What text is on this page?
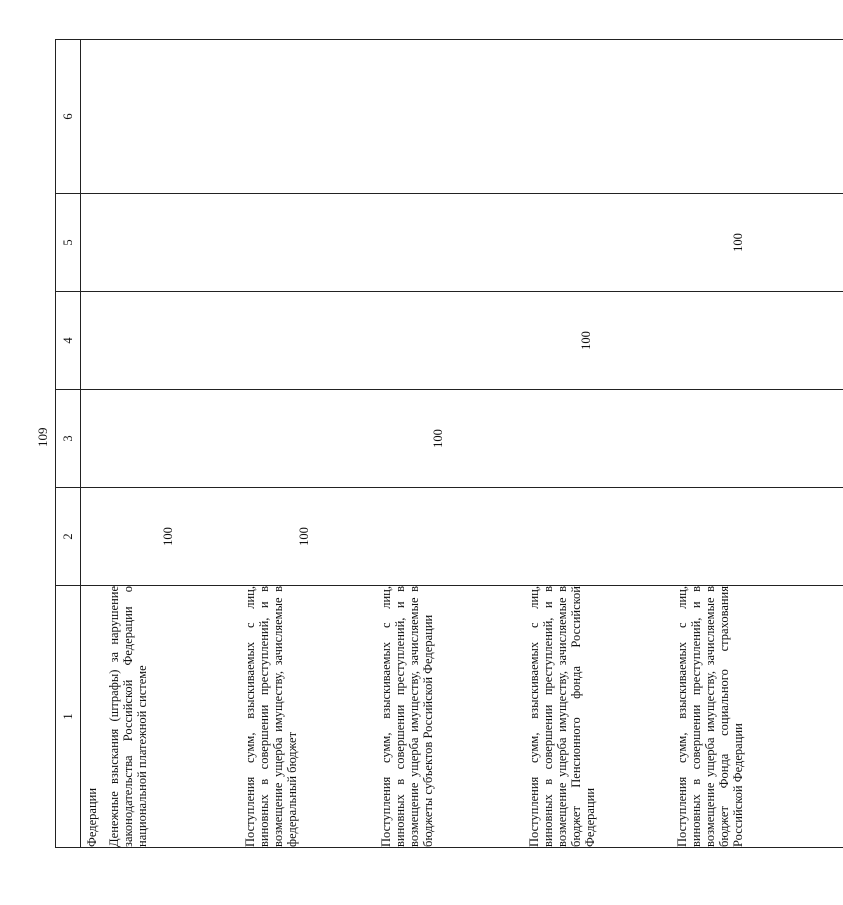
109
1	2	3	4	5	6
Федерации					
Денежные взыскания (штрафы) за нарушение законодательства Российской Федерации о национальной платежной системе	100				
Поступления сумм, взыскиваемых с лиц, виновных в совершении преступлений, и в возмещение ущерба имуществу, зачисляемые в федеральный бюджет	100				
Поступления сумм, взыскиваемых с лиц, виновных в совершении преступлений, и в возмещение ущерба имуществу, зачисляемые в бюджеты субъектов Российской Федерации		100			
Поступления сумм, взыскиваемых с лиц, виновных в совершении преступлений, и в возмещение ущерба имуществу, зачисляемые в бюджет Пенсионного фонда Российской Федерации			100		
Поступления сумм, взыскиваемых с лиц, виновных в совершении преступлений, и в возмещение ущерба имуществу, зачисляемые в бюджет Фонда социального страхования Российской Федерации				100	
